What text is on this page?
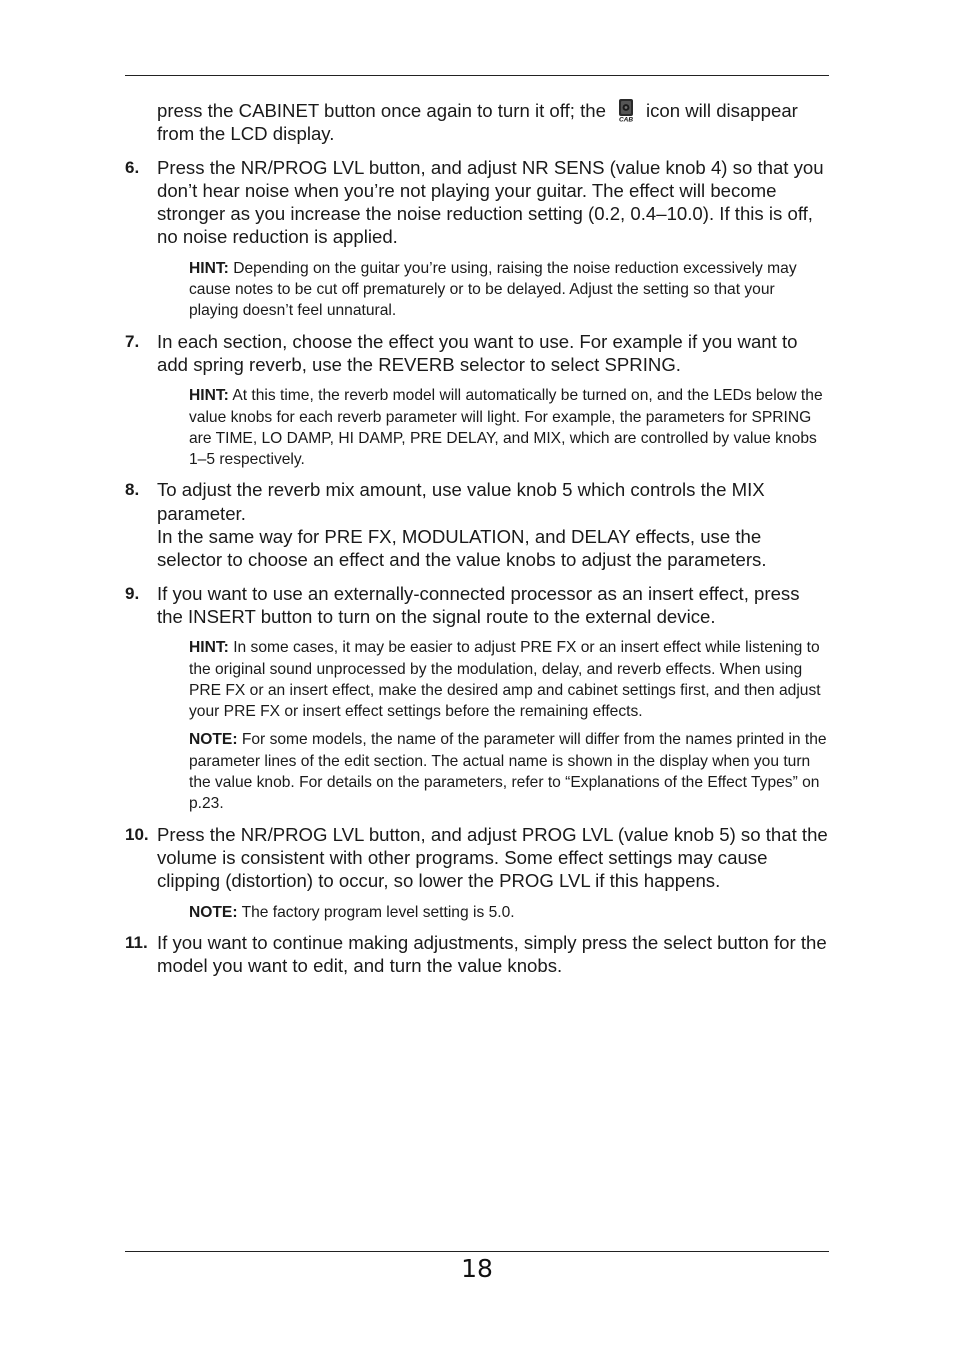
press the CABINET button once again to turn it off; the CAB icon will disappear from the LCD display.

6. Press the NR/PROG LVL button, and adjust NR SENS (value knob 4) so that you don’t hear noise when you’re not playing your guitar. The effect will become stronger as you increase the noise reduction setting (0.2, 0.4–10.0). If this is off, no noise reduction is applied.

HINT: Depending on the guitar you’re using, raising the noise reduction excessively may cause notes to be cut off prematurely or to be delayed. Adjust the setting so that your playing doesn’t feel unnatural.

7. In each section, choose the effect you want to use. For example if you want to add spring reverb, use the REVERB selector to select SPRING.

HINT: At this time, the reverb model will automatically be turned on, and the LEDs below the value knobs for each reverb parameter will light. For example, the parameters for SPRING are TIME, LO DAMP, HI DAMP, PRE DELAY, and MIX, which are controlled by value knobs 1–5 respectively.

8. To adjust the reverb mix amount, use value knob 5 which controls the MIX parameter.
In the same way for PRE FX, MODULATION, and DELAY effects, use the selector to choose an effect and the value knobs to adjust the parameters.

9. If you want to use an externally-connected processor as an insert effect, press the INSERT button to turn on the signal route to the external device.

HINT: In some cases, it may be easier to adjust PRE FX or an insert effect while listening to the original sound unprocessed by the modulation, delay, and reverb effects. When using PRE FX or an insert effect, make the desired amp and cabinet settings first, and then adjust your PRE FX or insert effect settings before the remaining effects.

NOTE: For some models, the name of the parameter will differ from the names printed in the parameter lines of the edit section. The actual name is shown in the display when you turn the value knob. For details on the parameters, refer to “Explanations of the Effect Types” on p.23.

10. Press the NR/PROG LVL button, and adjust PROG LVL (value knob 5) so that the volume is consistent with other programs. Some effect settings may cause clipping (distortion) to occur, so lower the PROG LVL if this happens.

NOTE: The factory program level setting is 5.0.

11. If you want to continue making adjustments, simply press the select button for the model you want to edit, and turn the value knobs.

18
